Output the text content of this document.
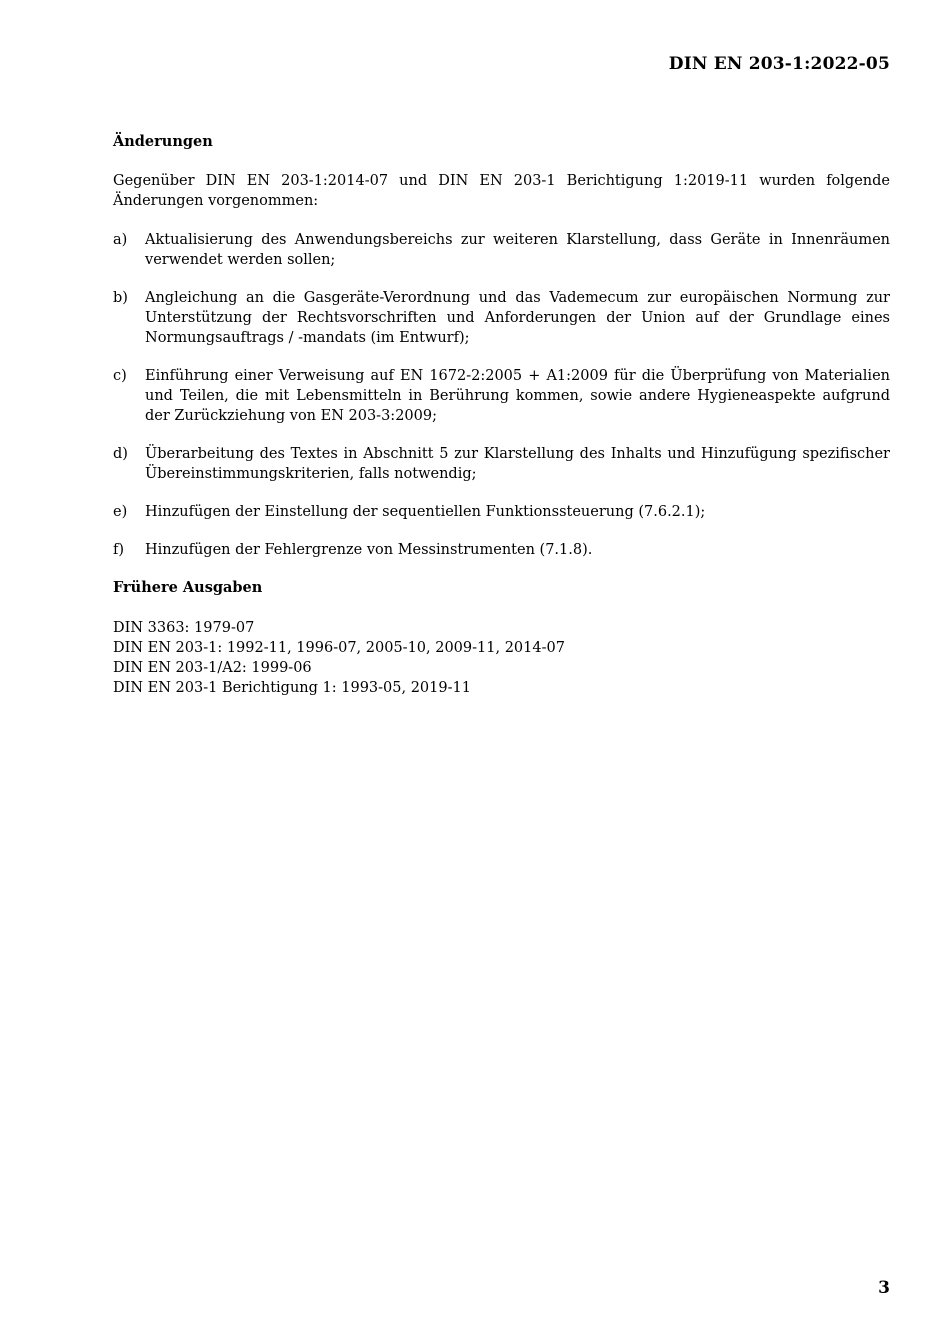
DIN EN 203-1:2022-05
Änderungen
Gegenüber DIN EN 203-1:2014-07 und DIN EN 203-1 Berichtigung 1:2019-11 wurden folgende Änderungen vorgenommen:
a)	Aktualisierung des Anwendungsbereichs zur weiteren Klarstellung, dass Geräte in Innenräumen verwendet werden sollen;
b)	Angleichung an die Gasgeräte-Verordnung und das Vademecum zur europäischen Normung zur Unterstützung der Rechtsvorschriften und Anforderungen der Union auf der Grundlage eines Normungsauftrags / -mandats (im Entwurf);
c)	Einführung einer Verweisung auf EN 1672-2:2005 + A1:2009 für die Überprüfung von Materialien und Teilen, die mit Lebensmitteln in Berührung kommen, sowie andere Hygieneaspekte aufgrund der Zurückziehung von EN 203-3:2009;
d)	Überarbeitung des Textes in Abschnitt 5 zur Klarstellung des Inhalts und Hinzufügung spezifischer Übereinstimmungskriterien, falls notwendig;
e)	Hinzufügen der Einstellung der sequentiellen Funktionssteuerung (7.6.2.1);
f)	Hinzufügen der Fehlergrenze von Messinstrumenten (7.1.8).
Frühere Ausgaben

DIN 3363: 1979-07

DIN EN 203-1: 1992-11, 1996-07, 2005-10, 2009-11, 2014-07

DIN EN 203-1/A2: 1999-06

DIN EN 203-1 Berichtigung 1: 1993-05, 2019-11

3
